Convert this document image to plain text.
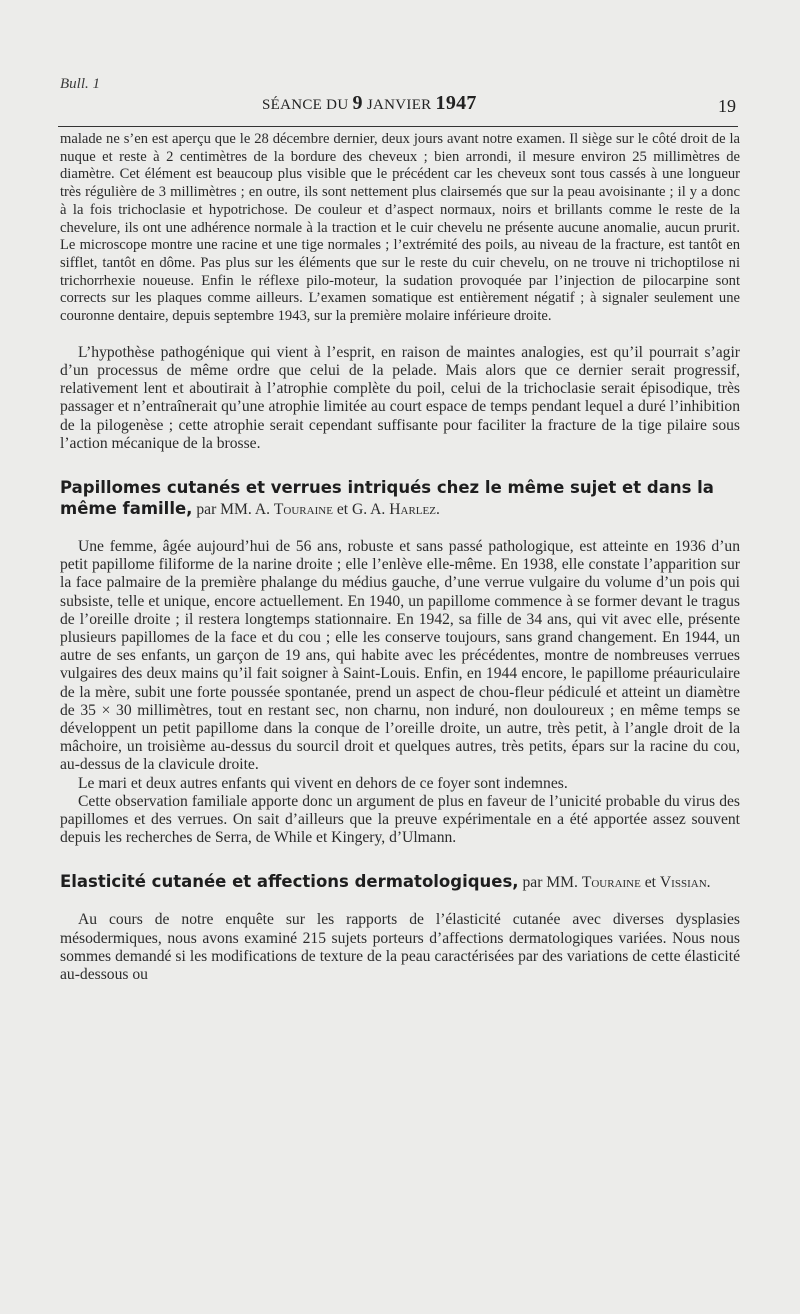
Bull. 1
SÉANCE DU 9 JANVIER 1947	19

malade ne s’en est aperçu que le 28 décembre dernier, deux jours avant notre examen. Il siège sur le côté droit de la nuque et reste à 2 centimètres de la bordure des cheveux ; bien arrondi, il mesure environ 25 millimètres de diamètre. Cet élément est beaucoup plus visible que le précédent car les cheveux sont tous cassés à une longueur très régulière de 3 millimètres ; en outre, ils sont nettement plus clairsemés que sur la peau avoisinante ; il y a donc à la fois trichoclasie et hypotrichose. De couleur et d’aspect normaux, noirs et brillants comme le reste de la chevelure, ils ont une adhérence normale à la traction et le cuir chevelu ne présente aucune anomalie, aucun prurit. Le microscope montre une racine et une tige normales ; l’extrémité des poils, au niveau de la fracture, est tantôt en sifflet, tantôt en dôme. Pas plus sur les éléments que sur le reste du cuir chevelu, on ne trouve ni trichoptilose ni trichorrhexie noueuse. Enfin le réflexe pilo-moteur, la sudation provoquée par l’injection de pilocarpine sont corrects sur les plaques comme ailleurs. L’examen somatique est entièrement négatif ; à signaler seulement une couronne dentaire, depuis septembre 1943, sur la première molaire inférieure droite.

L’hypothèse pathogénique qui vient à l’esprit, en raison de maintes analogies, est qu’il pourrait s’agir d’un processus de même ordre que celui de la pelade. Mais alors que ce dernier serait progressif, relativement lent et aboutirait à l’atrophie complète du poil, celui de la trichoclasie serait épisodique, très passager et n’entraînerait qu’une atrophie limitée au court espace de temps pendant lequel a duré l’inhibition de la pilogenèse ; cette atrophie serait cependant suffisante pour faciliter la fracture de la tige pilaire sous l’action mécanique de la brosse.

Papillomes cutanés et verrues intriqués chez le même sujet et dans la même famille, par MM. A. Touraine et G. A. Harlez.

Une femme, âgée aujourd’hui de 56 ans, robuste et sans passé pathologique, est atteinte en 1936 d’un petit papillome filiforme de la narine droite ; elle l’enlève elle-même. En 1938, elle constate l’apparition sur la face palmaire de la première phalange du médius gauche, d’une verrue vulgaire du volume d’un pois qui subsiste, telle et unique, encore actuellement. En 1940, un papillome commence à se former devant le tragus de l’oreille droite ; il restera longtemps stationnaire. En 1942, sa fille de 34 ans, qui vit avec elle, présente plusieurs papillomes de la face et du cou ; elle les conserve toujours, sans grand changement. En 1944, un autre de ses enfants, un garçon de 19 ans, qui habite avec les précédentes, montre de nombreuses verrues vulgaires des deux mains qu’il fait soigner à Saint-Louis. Enfin, en 1944 encore, le papillome préauriculaire de la mère, subit une forte poussée spontanée, prend un aspect de chou-fleur pédiculé et atteint un diamètre de 35 × 30 millimètres, tout en restant sec, non charnu, non induré, non douloureux ; en même temps se développent un petit papillome dans la conque de l’oreille droite, un autre, très petit, à l’angle droit de la mâchoire, un troisième au-dessus du sourcil droit et quelques autres, très petits, épars sur la racine du cou, au-dessus de la clavicule droite.

Le mari et deux autres enfants qui vivent en dehors de ce foyer sont indemnes.

Cette observation familiale apporte donc un argument de plus en faveur de l’unicité probable du virus des papillomes et des verrues. On sait d’ailleurs que la preuve expérimentale en a été apportée assez souvent depuis les recherches de Serra, de While et Kingery, d’Ulmann.

Elasticité cutanée et affections dermatologiques, par MM. Touraine et Vissian.

Au cours de notre enquête sur les rapports de l’élasticité cutanée avec diverses dysplasies mésodermiques, nous avons examiné 215 sujets porteurs d’affections dermatologiques variées. Nous nous sommes demandé si les modifications de texture de la peau caractérisées par des variations de cette élasticité au-dessous ou
